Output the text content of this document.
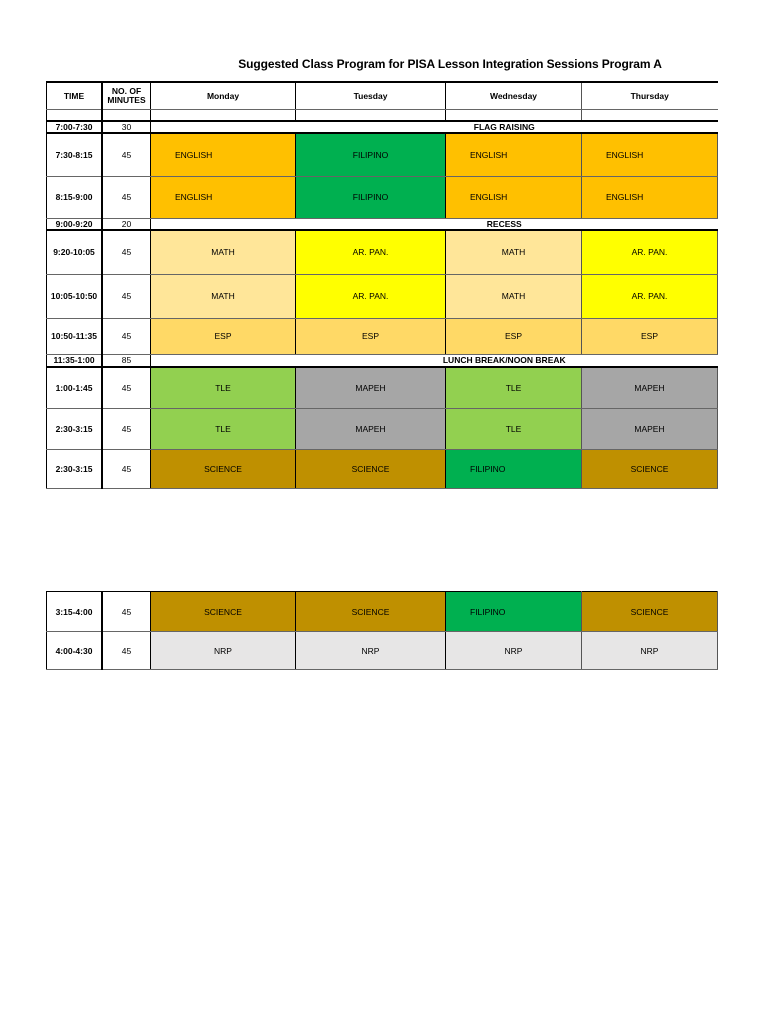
Suggested Class Program for PISA Lesson Integration Sessions Program A
TIME	NO. OF
MINUTES	Monday	Tuesday	Wednesday	Thursday

7:00-7:30	30	FLAG RAISING			
7:30-8:15	45	ENGLISH	FILIPINO	ENGLISH	ENGLISH
8:15-9:00	45	ENGLISH	FILIPINO	ENGLISH	ENGLISH
9:00-9:20	20	RECESS			
9:20-10:05	45	MATH	AR. PAN.	MATH	AR. PAN.
10:05-10:50	45	MATH	AR. PAN.	MATH	AR. PAN.
10:50-11:35	45	ESP	ESP	ESP	ESP
11:35-1:00	85	LUNCH BREAK/NOON BREAK			
1:00-1:45	45	TLE	MAPEH	TLE	MAPEH
2:30-3:15	45	TLE	MAPEH	TLE	MAPEH
2:30-3:15	45	SCIENCE	SCIENCE	FILIPINO	SCIENCE
3:15-4:00	45	SCIENCE	SCIENCE	FILIPINO	SCIENCE
4:00-4:30	45	NRP	NRP	NRP	NRP
